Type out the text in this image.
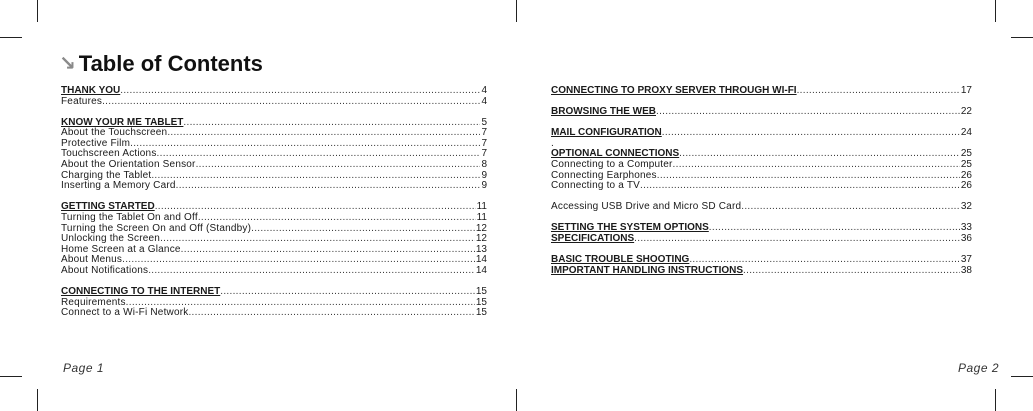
↘ Table of Contents
THANK YOU .....	4
Features .....	4
KNOW YOUR ME TABLET .....	5
About the Touchscreen .....	7
Protective Film .....	7
Touchscreen Actions .....	7
About the Orientation Sensor .....	8
Charging the Tablet .....	9
Inserting a Memory Card .....	9
GETTING STARTED .....	11
Turning the Tablet On and Off .....	11
Turning the Screen On and Off (Standby) .....	12
Unlocking the Screen .....	12
Home Screen at a Glance .....	13
About Menus .....	14
About Notifications .....	14
CONNECTING TO THE INTERNET .....	15
Requirements .....	15
Connect to a Wi-Fi Network .....	15
CONNECTING TO PROXY SERVER THROUGH WI-FI .....	17
BROWSING THE WEB .....	22
MAIL CONFIGURATION .....	24
.
OPTIONAL CONNECTIONS .....	25
Connecting to a Computer .....	25
Connecting Earphones .....	26
Connecting to a TV .....	26
Accessing USB Drive and Micro SD Card .....	32
SETTING THE SYSTEM OPTIONS .....	33
SPECIFICATIONS .....	36
BASIC TROUBLE SHOOTING .....	37
IMPORTANT HANDLING INSTRUCTIONS .....	38
Page 1	Page 2
